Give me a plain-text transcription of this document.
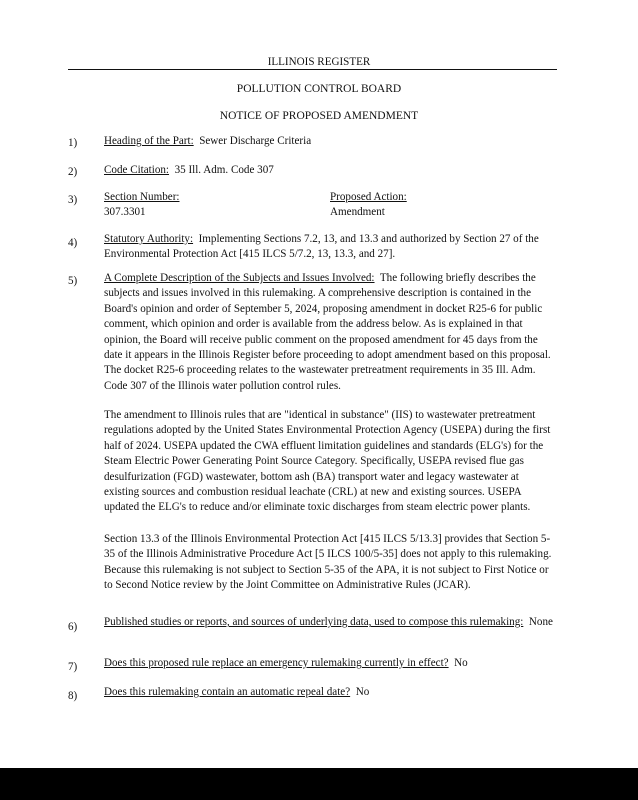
ILLINOIS REGISTER
POLLUTION CONTROL BOARD
NOTICE OF PROPOSED AMENDMENT
1) Heading of the Part: Sewer Discharge Criteria
2) Code Citation: 35 Ill. Adm. Code 307
3) Section Number:
307.3301
Proposed Action:
Amendment
4) Statutory Authority: Implementing Sections 7.2, 13, and 13.3 and authorized by Section 27 of the Environmental Protection Act [415 ILCS 5/7.2, 13, 13.3, and 27].
5) A Complete Description of the Subjects and Issues Involved: The following briefly describes the subjects and issues involved in this rulemaking. A comprehensive description is contained in the Board's opinion and order of September 5, 2024, proposing amendment in docket R25-6 for public comment, which opinion and order is available from the address below. As is explained in that opinion, the Board will receive public comment on the proposed amendment for 45 days from the date it appears in the Illinois Register before proceeding to adopt amendment based on this proposal. The docket R25-6 proceeding relates to the wastewater pretreatment requirements in 35 Ill. Adm. Code 307 of the Illinois water pollution control rules.

The amendment to Illinois rules that are "identical in substance" (IIS) to wastewater pretreatment regulations adopted by the United States Environmental Protection Agency (USEPA) during the first half of 2024. USEPA updated the CWA effluent limitation guidelines and standards (ELG's) for the Steam Electric Power Generating Point Source Category. Specifically, USEPA revised flue gas desulfurization (FGD) wastewater, bottom ash (BA) transport water and legacy wastewater at existing sources and combustion residual leachate (CRL) at new and existing sources. USEPA updated the ELG's to reduce and/or eliminate toxic discharges from steam electric power plants.
Section 13.3 of the Illinois Environmental Protection Act [415 ILCS 5/13.3] provides that Section 5-35 of the Illinois Administrative Procedure Act [5 ILCS 100/5-35] does not apply to this rulemaking. Because this rulemaking is not subject to Section 5-35 of the APA, it is not subject to First Notice or to Second Notice review by the Joint Committee on Administrative Rules (JCAR).
6) Published studies or reports, and sources of underlying data, used to compose this rulemaking: None
7) Does this proposed rule replace an emergency rulemaking currently in effect? No
8) Does this rulemaking contain an automatic repeal date? No
